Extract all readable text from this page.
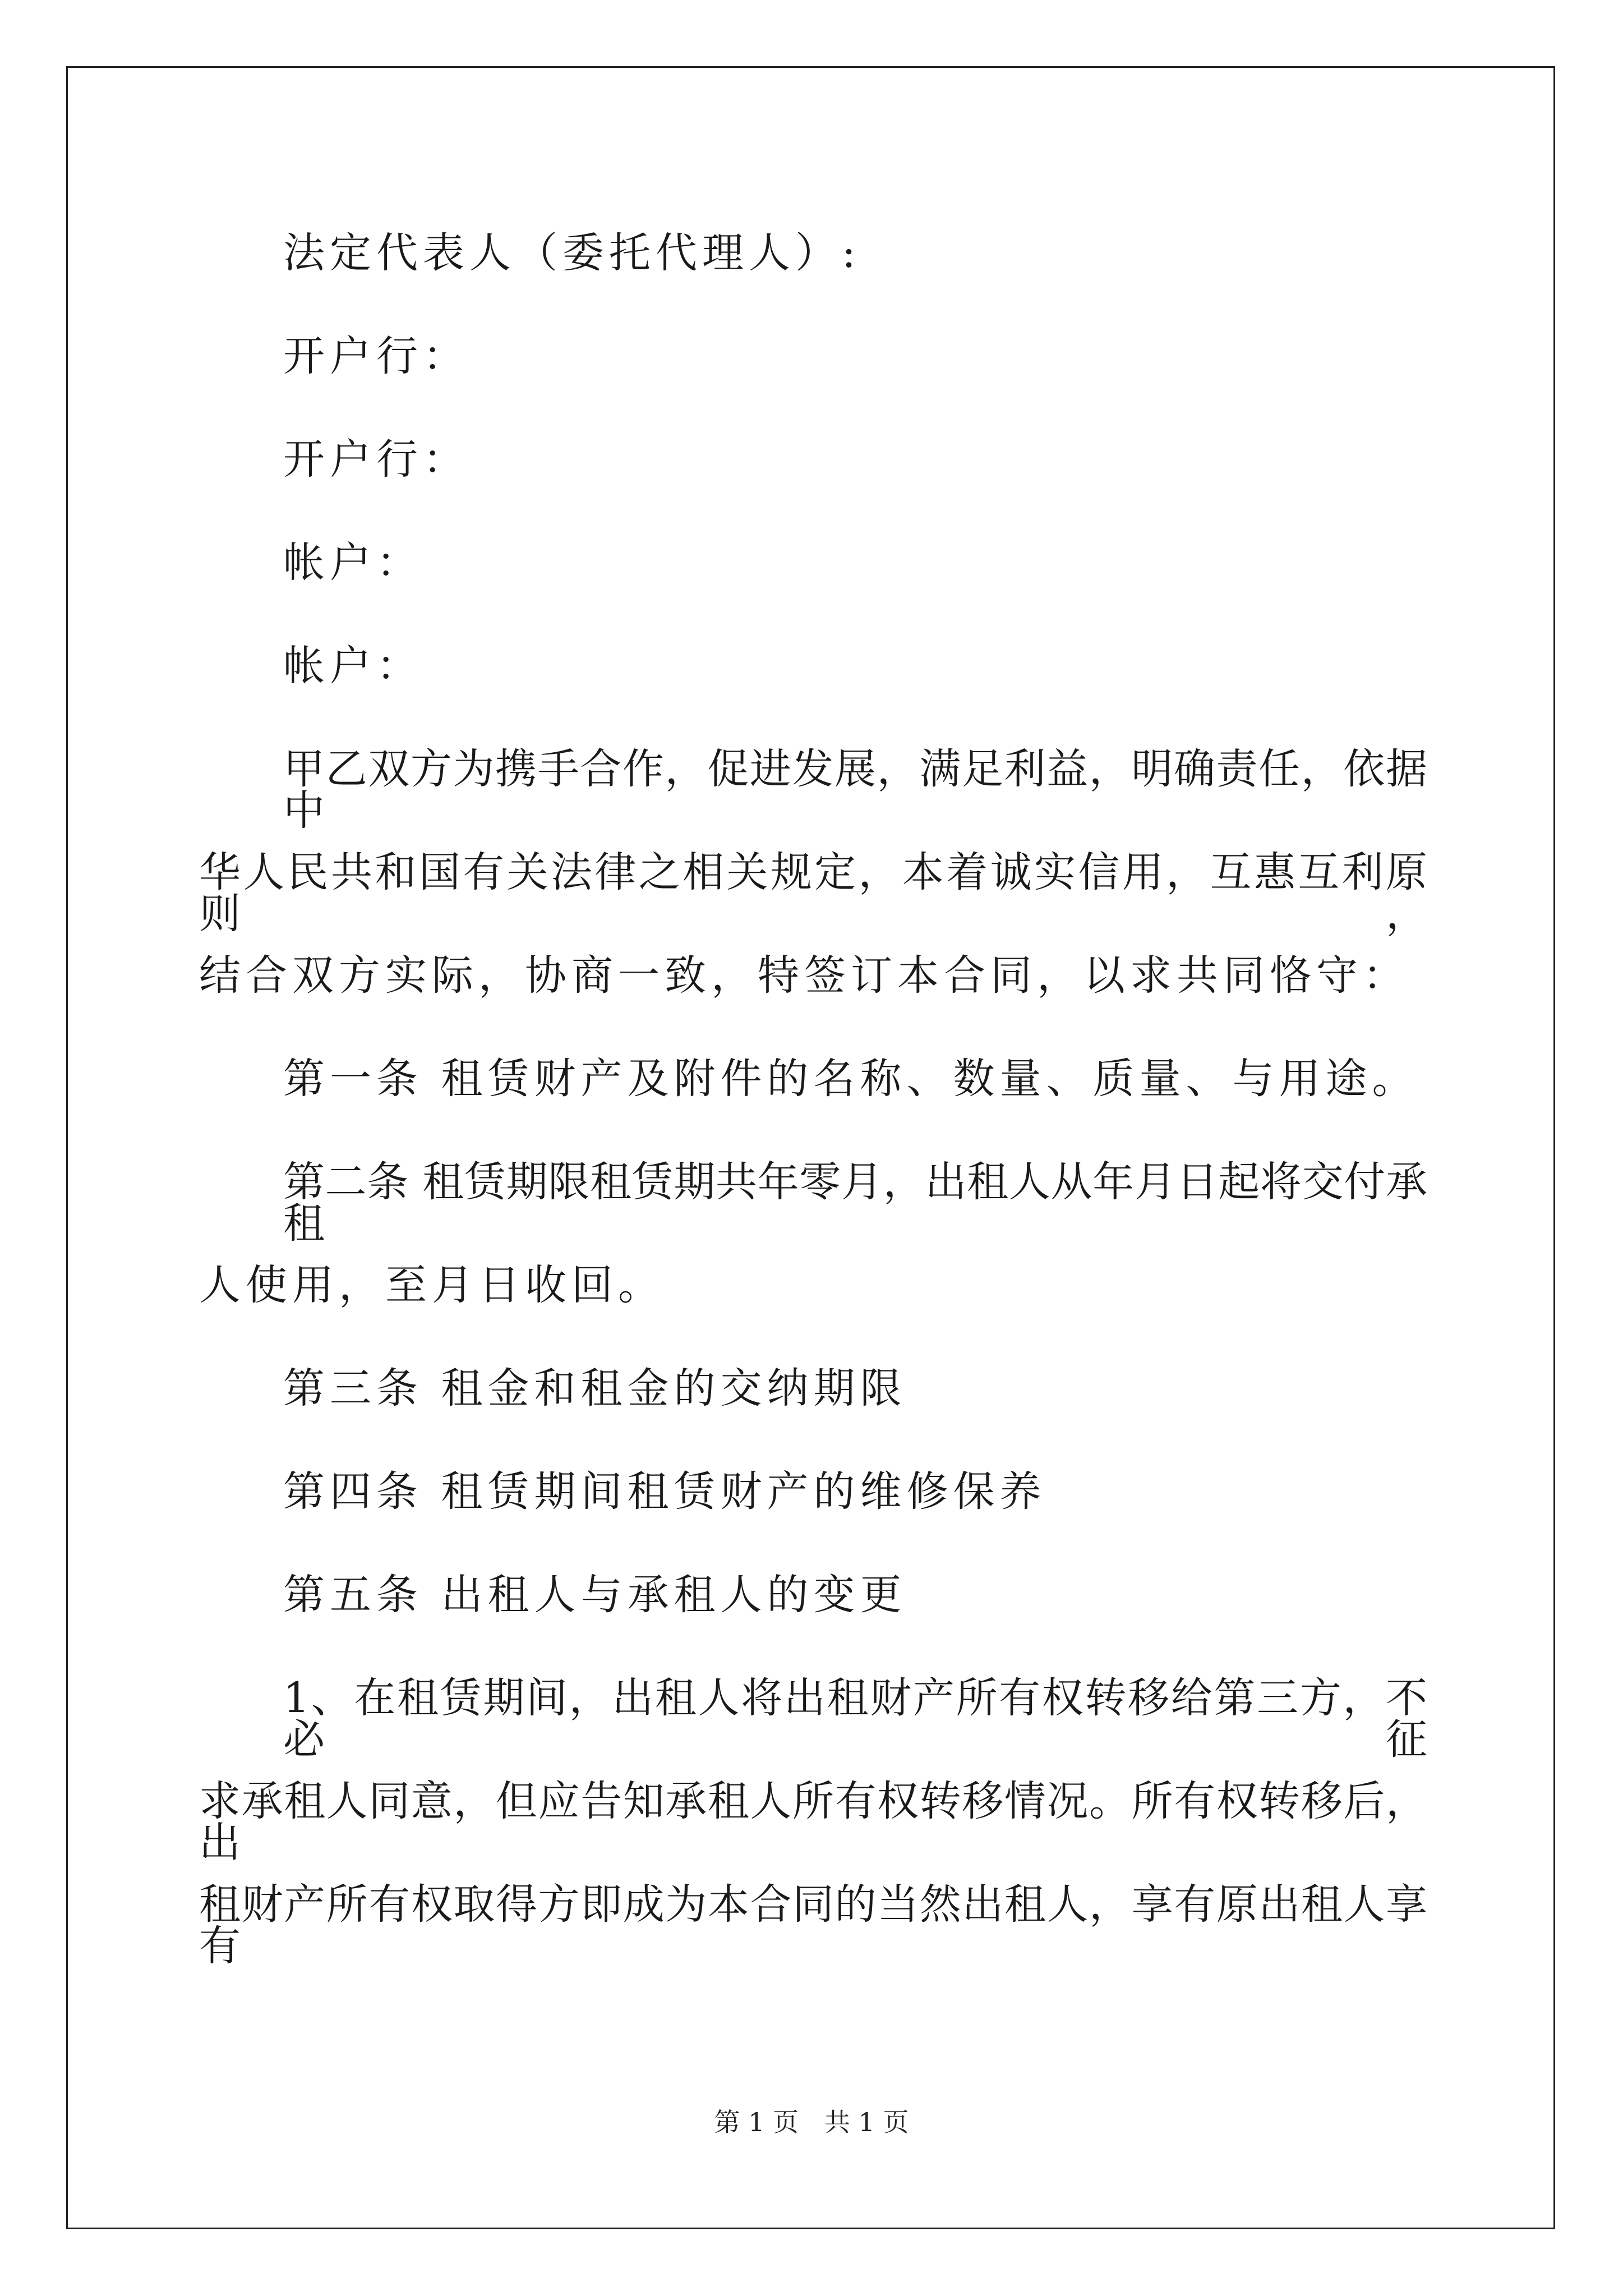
法定代表人（委托代理人）:
开户行：
开户行：
帐户：
帐户：
甲乙双方为携手合作，促进发展，满足利益，明确责任，依据中
华人民共和国有关法律之相关规定，本着诚实信用，互惠互利原则，
结合双方实际，协商一致，特签订本合同，以求共同恪守：
第一条 租赁财产及附件的名称、数量、质量、与用途。
第二条 租赁期限租赁期共年零月，出租人从年月日起将交付承租
人使用，至月日收回。
第三条 租金和租金的交纳期限
第四条 租赁期间租赁财产的维修保养
第五条 出租人与承租人的变更
1、在租赁期间，出租人将出租财产所有权转移给第三方，不必征
求承租人同意，但应告知承租人所有权转移情况。所有权转移后，出
租财产所有权取得方即成为本合同的当然出租人，享有原出租人享有
第 1 页　共 1 页
